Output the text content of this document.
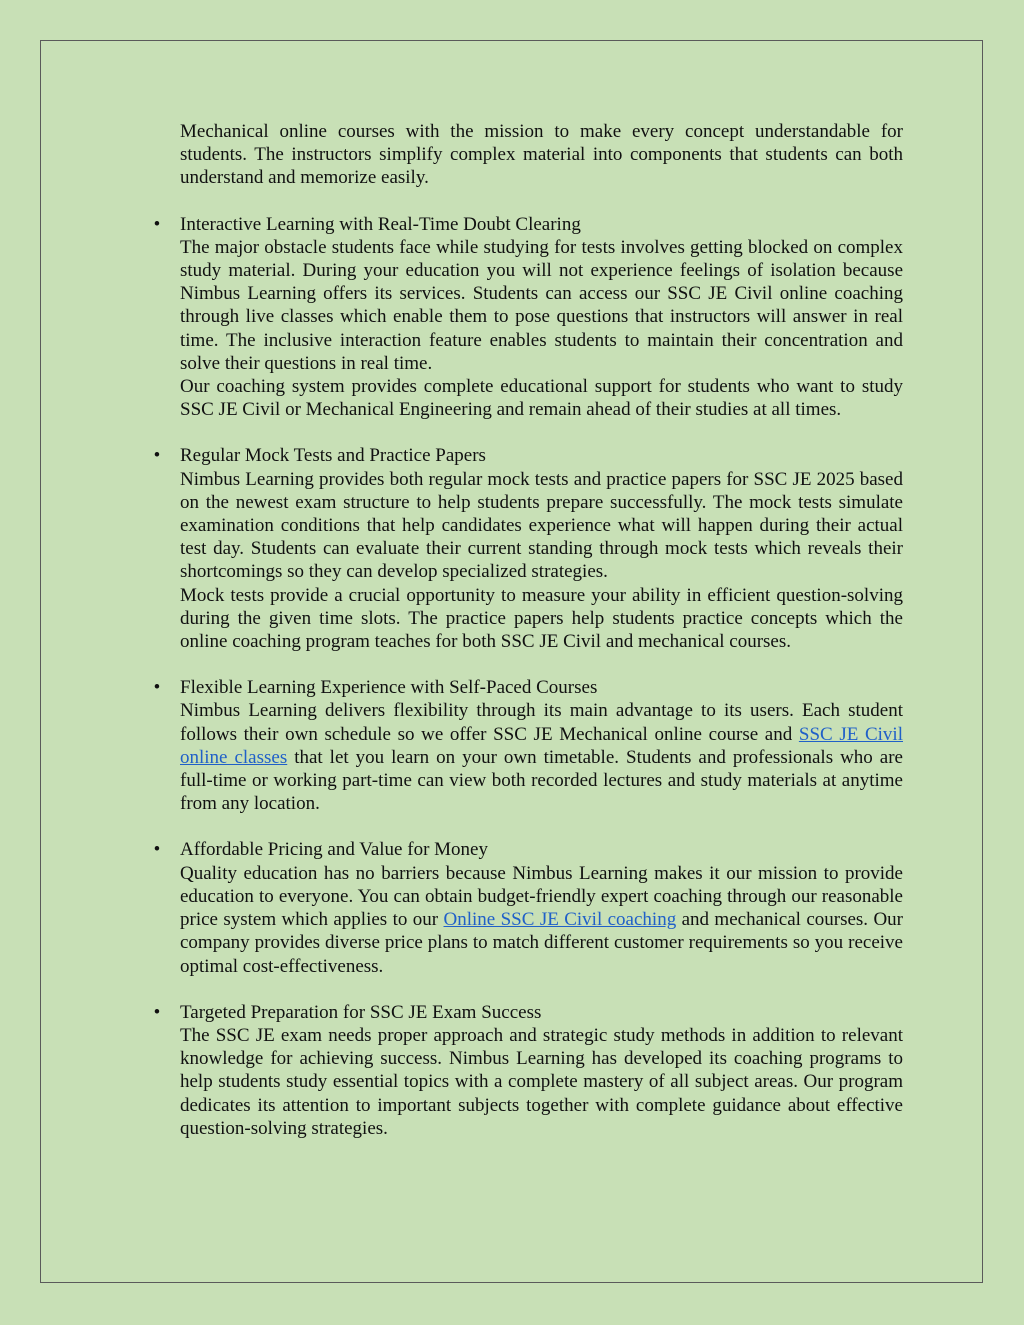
Mechanical online courses with the mission to make every concept understandable for students. The instructors simplify complex material into components that students can both understand and memorize easily.

• Interactive Learning with Real-Time Doubt Clearing

The major obstacle students face while studying for tests involves getting blocked on complex study material. During your education you will not experience feelings of isolation because Nimbus Learning offers its services. Students can access our SSC JE Civil online coaching through live classes which enable them to pose questions that instructors will answer in real time. The inclusive interaction feature enables students to maintain their concentration and solve their questions in real time.

Our coaching system provides complete educational support for students who want to study SSC JE Civil or Mechanical Engineering and remain ahead of their studies at all times.

• Regular Mock Tests and Practice Papers

Nimbus Learning provides both regular mock tests and practice papers for SSC JE 2025 based on the newest exam structure to help students prepare successfully. The mock tests simulate examination conditions that help candidates experience what will happen during their actual test day. Students can evaluate their current standing through mock tests which reveals their shortcomings so they can develop specialized strategies.

Mock tests provide a crucial opportunity to measure your ability in efficient question-solving during the given time slots. The practice papers help students practice concepts which the online coaching program teaches for both SSC JE Civil and mechanical courses.

• Flexible Learning Experience with Self-Paced Courses

Nimbus Learning delivers flexibility through its main advantage to its users. Each student follows their own schedule so we offer SSC JE Mechanical online course and SSC JE Civil online classes that let you learn on your own timetable. Students and professionals who are full-time or working part-time can view both recorded lectures and study materials at anytime from any location.

• Affordable Pricing and Value for Money

Quality education has no barriers because Nimbus Learning makes it our mission to provide education to everyone. You can obtain budget-friendly expert coaching through our reasonable price system which applies to our Online SSC JE Civil coaching and mechanical courses. Our company provides diverse price plans to match different customer requirements so you receive optimal cost-effectiveness.

• Targeted Preparation for SSC JE Exam Success

The SSC JE exam needs proper approach and strategic study methods in addition to relevant knowledge for achieving success. Nimbus Learning has developed its coaching programs to help students study essential topics with a complete mastery of all subject areas. Our program dedicates its attention to important subjects together with complete guidance about effective question-solving strategies.
